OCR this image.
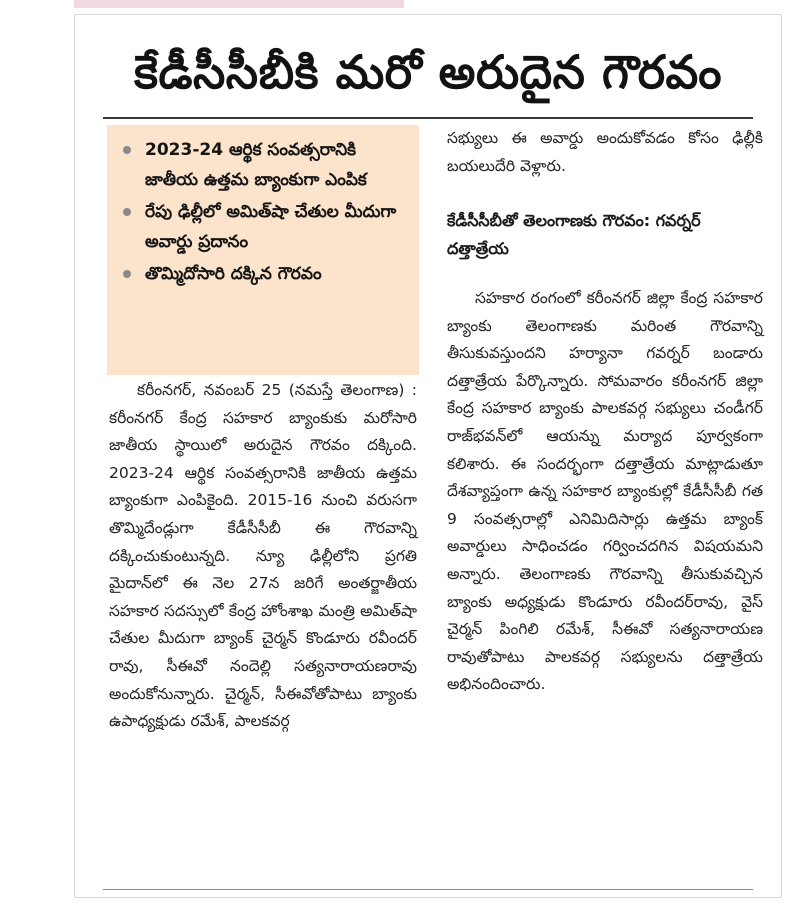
కేడీసీసీబీకి మరో అరుదైన గౌరవం
2023-24 ఆర్థిక సంవత్సరానికి జాతీయ ఉత్తమ బ్యాంకుగా ఎంపిక
రేపు ఢిల్లీలో అమిత్‌షా చేతుల మీదుగా అవార్డు ప్రదానం
తొమ్మిదోసారి దక్కిన గౌరవం

కరీంనగర్, నవంబర్ 25 (నమస్తే తెలంగాణ) : కరీంనగర్ కేంద్ర సహకార బ్యాంకుకు మరోసారి జాతీయ స్థాయిలో అరుదైన గౌరవం దక్కింది. 2023-24 ఆర్థిక సంవత్సరానికి జాతీయ ఉత్తమ బ్యాంకుగా ఎంపికైంది. 2015-16 నుంచి వరుసగా తొమ్మిదేండ్లుగా కేడీసీసీబీ ఈ గౌరవాన్ని దక్కించుకుంటున్నది. న్యూ ఢిల్లీలోని ప్రగతి మైదాన్‌లో ఈ నెల 27న జరిగే అంతర్జాతీయ సహకార సదస్సులో కేంద్ర హోంశాఖ మంత్రి అమిత్‌షా చేతుల మీదుగా బ్యాంక్ చైర్మన్ కొండూరు రవీందర్ రావు, సీఈవో నందెల్లి సత్యనారాయణరావు అందుకోనున్నారు. చైర్మన్, సీఈవోతోపాటు బ్యాంకు ఉపాధ్యక్షుడు రమేశ్, పాలకవర్గ

సభ్యులు ఈ అవార్డు అందుకోవడం కోసం ఢిల్లీకి బయలుదేరి వెళ్లారు.

కేడీసీసీబీతో తెలంగాణకు గౌరవం: గవర్నర్ దత్తాత్రేయ

సహకార రంగంలో కరీంనగర్ జిల్లా కేంద్ర సహకార బ్యాంకు తెలంగాణకు మరింత గౌరవాన్ని తీసుకువస్తుందని హర్యానా గవర్నర్ బండారు దత్తాత్రేయ పేర్కొన్నారు. సోమవారం కరీంనగర్ జిల్లా కేంద్ర సహకార బ్యాంకు పాలకవర్గ సభ్యులు చండీగర్ రాజ్‌భవన్‌లో ఆయన్ను మర్యాద పూర్వకంగా కలిశారు. ఈ సందర్భంగా దత్తాత్రేయ మాట్లాడుతూ దేశవ్యాప్తంగా ఉన్న సహకార బ్యాంకుల్లో కేడీసీసీబీ గత 9 సంవత్సరాల్లో ఎనిమిదిసార్లు ఉత్తమ బ్యాంక్ అవార్డులు సాధించడం గర్వించదగిన విషయమని అన్నారు. తెలంగాణకు గౌరవాన్ని తీసుకువచ్చిన బ్యాంకు అధ్యక్షుడు కొండూరు రవీందర్‌రావు, వైస్ చైర్మన్ పింగిలి రమేశ్, సీఈవో సత్యనారాయణ రావుతోపాటు పాలకవర్గ సభ్యులను దత్తాత్రేయ అభినందించారు.
